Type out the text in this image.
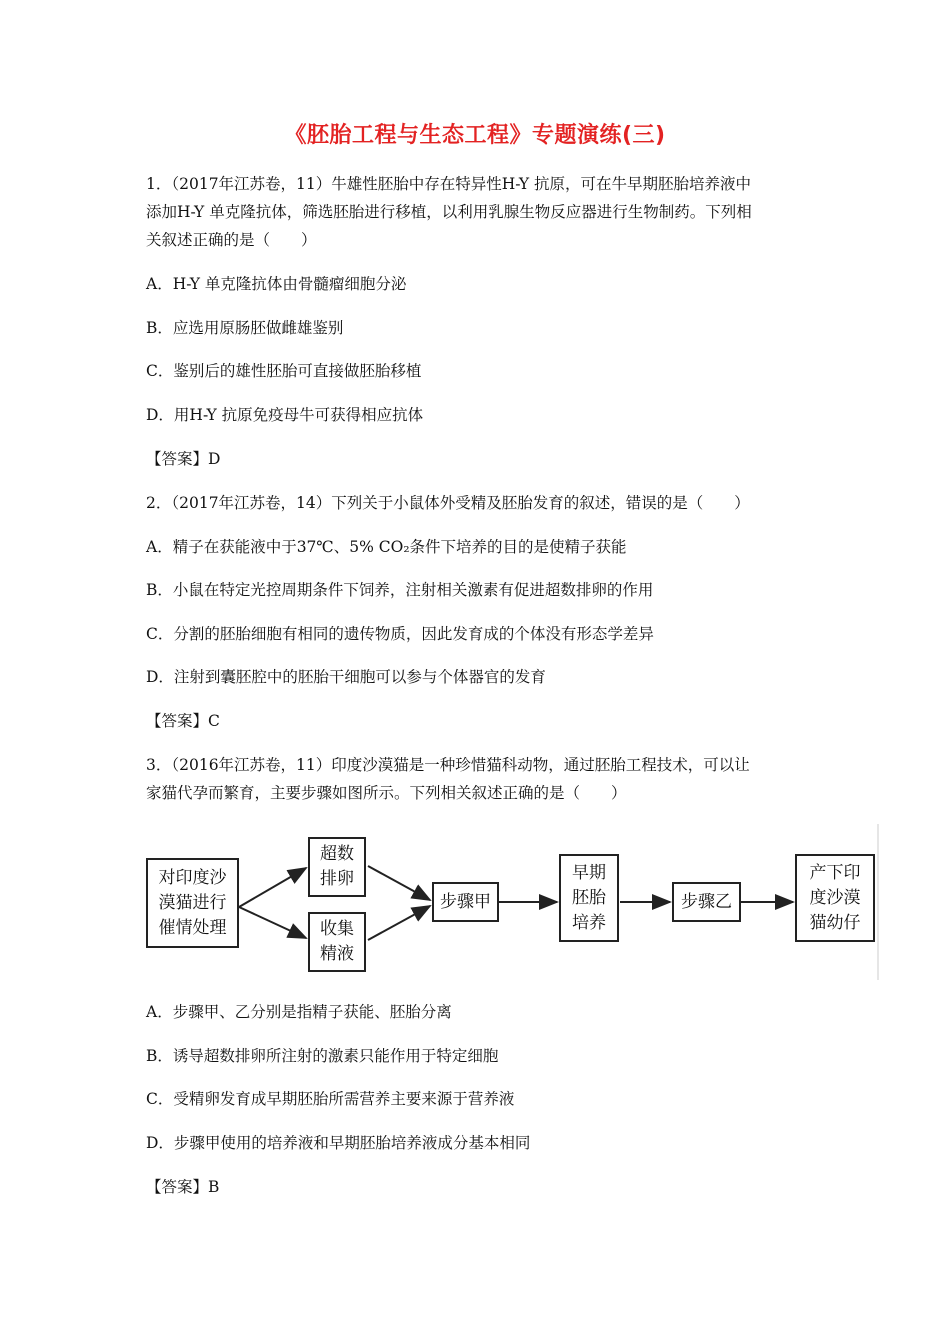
《胚胎工程与生态工程》专题演练(三)
1．（2017年江苏卷，11）牛雄性胚胎中存在特异性H-Y 抗原，可在牛早期胚胎培养液中
添加H-Y 单克隆抗体，筛选胚胎进行移植，以利用乳腺生物反应器进行生物制药。下列相
关叙述正确的是（　　）
A．H-Y 单克隆抗体由骨髓瘤细胞分泌
B．应选用原肠胚做雌雄鉴别
C．鉴别后的雄性胚胎可直接做胚胎移植
D．用H-Y 抗原免疫母牛可获得相应抗体
【答案】D
2．（2017年江苏卷，14）下列关于小鼠体外受精及胚胎发育的叙述，错误的是（　　）
A．精子在获能液中于37℃、5% CO₂条件下培养的目的是使精子获能
B．小鼠在特定光控周期条件下饲养，注射相关激素有促进超数排卵的作用
C．分割的胚胎细胞有相同的遗传物质，因此发育成的个体没有形态学差异
D．注射到囊胚腔中的胚胎干细胞可以参与个体器官的发育
【答案】C
3．（2016年江苏卷，11）印度沙漠猫是一种珍惜猫科动物，通过胚胎工程技术，可以让
家猫代孕而繁育，主要步骤如图所示。下列相关叙述正确的是（　　）
对印度沙
漠猫进行
催情处理
超数
排卵
收集
精液
步骤甲
早期
胚胎
培养
步骤乙
产下印
度沙漠
猫幼仔
A．步骤甲、乙分别是指精子获能、胚胎分离
B．诱导超数排卵所注射的激素只能作用于特定细胞
C．受精卵发育成早期胚胎所需营养主要来源于营养液
D．步骤甲使用的培养液和早期胚胎培养液成分基本相同
【答案】B
